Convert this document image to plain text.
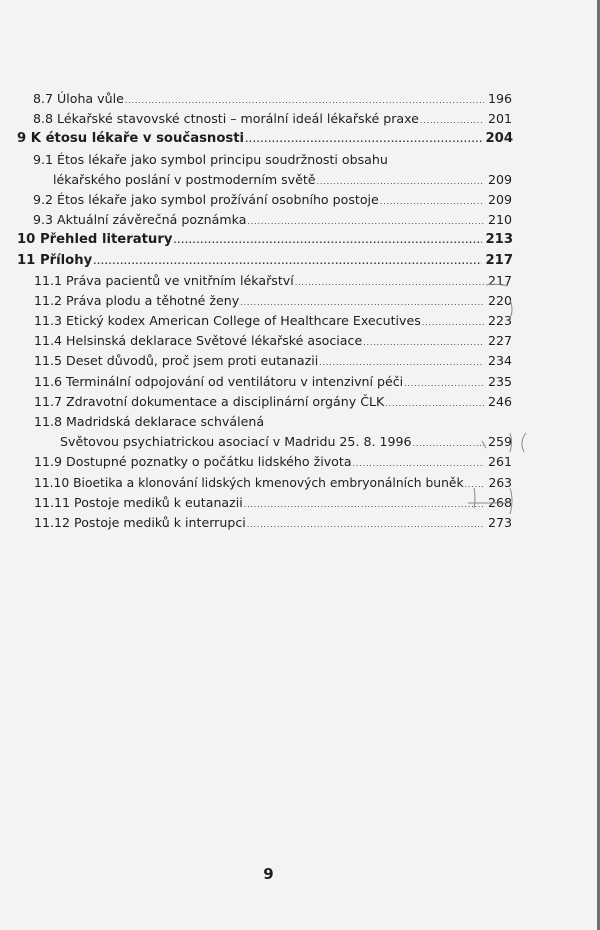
8.7 Úloha vůle .....	196
8.8 Lékařské stavovské ctnosti – morální ideál lékařské praxe .....	201
9 K étosu lékaře v současnosti .....	204
9.1 Étos lékaře jako symbol principu soudržnosti obsahu
lékařského poslání v postmoderním světě .....	209
9.2 Étos lékaře jako symbol prožívání osobního postoje .....	209
9.3 Aktuální závěrečná poznámka .....	210
10 Přehled literatury .....	213
11 Přílohy .....	217
11.1 Práva pacientů ve vnitřním lékařství .....	217
11.2 Práva plodu a těhotné ženy .....	220
11.3 Etický kodex American College of Healthcare Executives .....	223
11.4 Helsinská deklarace Světové lékařské asociace .....	227
11.5 Deset důvodů, proč jsem proti eutanazii .....	234
11.6 Terminální odpojování od ventilátoru v intenzivní péči .....	235
11.7 Zdravotní dokumentace a disciplinární orgány ČLK .....	246
11.8 Madridská deklarace schválená
Světovou psychiatrickou asociací v Madridu 25. 8. 1996 .....	259
11.9 Dostupné poznatky o počátku lidského života .....	261
11.10 Bioetika a klonování lidských kmenových embryonálních buněk ..... 263
11.11 Postoje mediků k eutanazii .....	268
11.12 Postoje mediků k interrupci .....	273
9
